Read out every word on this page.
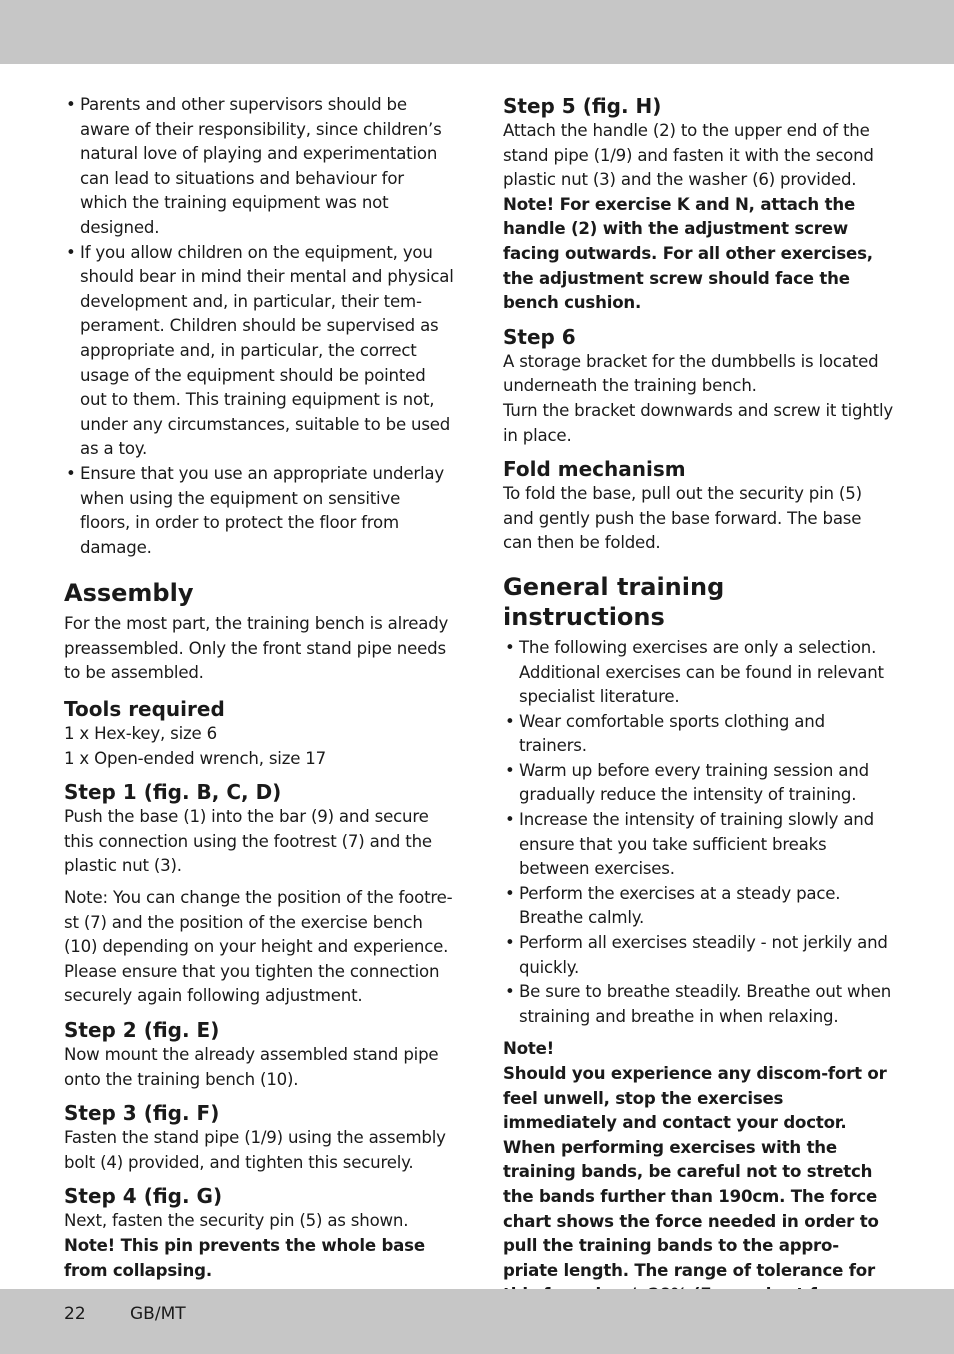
• Parents and other supervisors should be aware of their responsibility, since children’s natural love of playing and experimentation can lead to situations and behaviour for which the training equipment was not designed.
• If you allow children on the equipment, you should bear in mind their mental and physical development and, in particular, their tem-perament. Children should be supervised as appropriate and, in particular, the correct usage of the equipment should be pointed out to them. This training equipment is not, under any circumstances, suitable to be used as a toy.
• Ensure that you use an appropriate underlay when using the equipment on sensitive floors, in order to protect the floor from damage.
Assembly

For the most part, the training bench is already preassembled. Only the front stand pipe needs to be assembled.

Tools required

1 x Hex-key, size 6

1 x Open-ended wrench, size 17

Step 1 (fig. B, C, D)

Push the base (1) into the bar (9) and secure this connection using the footrest (7) and the plastic nut (3).

Note: You can change the position of the footre-st (7) and the position of the exercise bench (10) depending on your height and experience. Please ensure that you tighten the connection securely again following adjustment.

Step 2 (fig. E)

Now mount the already assembled stand pipe onto the training bench (10).

Step 3 (fig. F)

Fasten the stand pipe (1/9) using the assembly bolt (4) provided, and tighten this securely.

Step 4 (fig. G)

Next, fasten the security pin (5) as shown.

Note! This pin prevents the whole base from collapsing.

Step 5 (fig. H)

Attach the handle (2) to the upper end of the stand pipe (1/9) and fasten it with the second plastic nut (3) and the washer (6) provided.

Note! For exercise K and N, attach the handle (2) with the adjustment screw facing outwards. For all other exercises, the adjustment screw should face the bench cushion.

Step 6

A storage bracket for the dumbbells is located underneath the training bench.

Turn the bracket downwards and screw it tightly in place.

Fold mechanism

To fold the base, pull out the security pin (5) and gently push the base forward. The base can then be folded.

General training instructions
• The following exercises are only a selection. Additional exercises can be found in relevant specialist literature.
• Wear comfortable sports clothing and trainers.
• Warm up before every training session and gradually reduce the intensity of training.
• Increase the intensity of training slowly and ensure that you take sufficient breaks between exercises.
• Perform the exercises at a steady pace. Breathe calmly.
• Perform all exercises steadily - not jerkily and quickly.
• Be sure to breathe steadily. Breathe out when straining and breathe in when relaxing.

Note!

Should you experience any discom-fort or feel unwell, stop the exercises immediately and contact your doctor. When performing exercises with the training bands, be careful not to stretch the bands further than 190cm. The force chart shows the force needed in order to pull the training bands to the appro-priate length. The range of tolerance for

22	GB/MT
